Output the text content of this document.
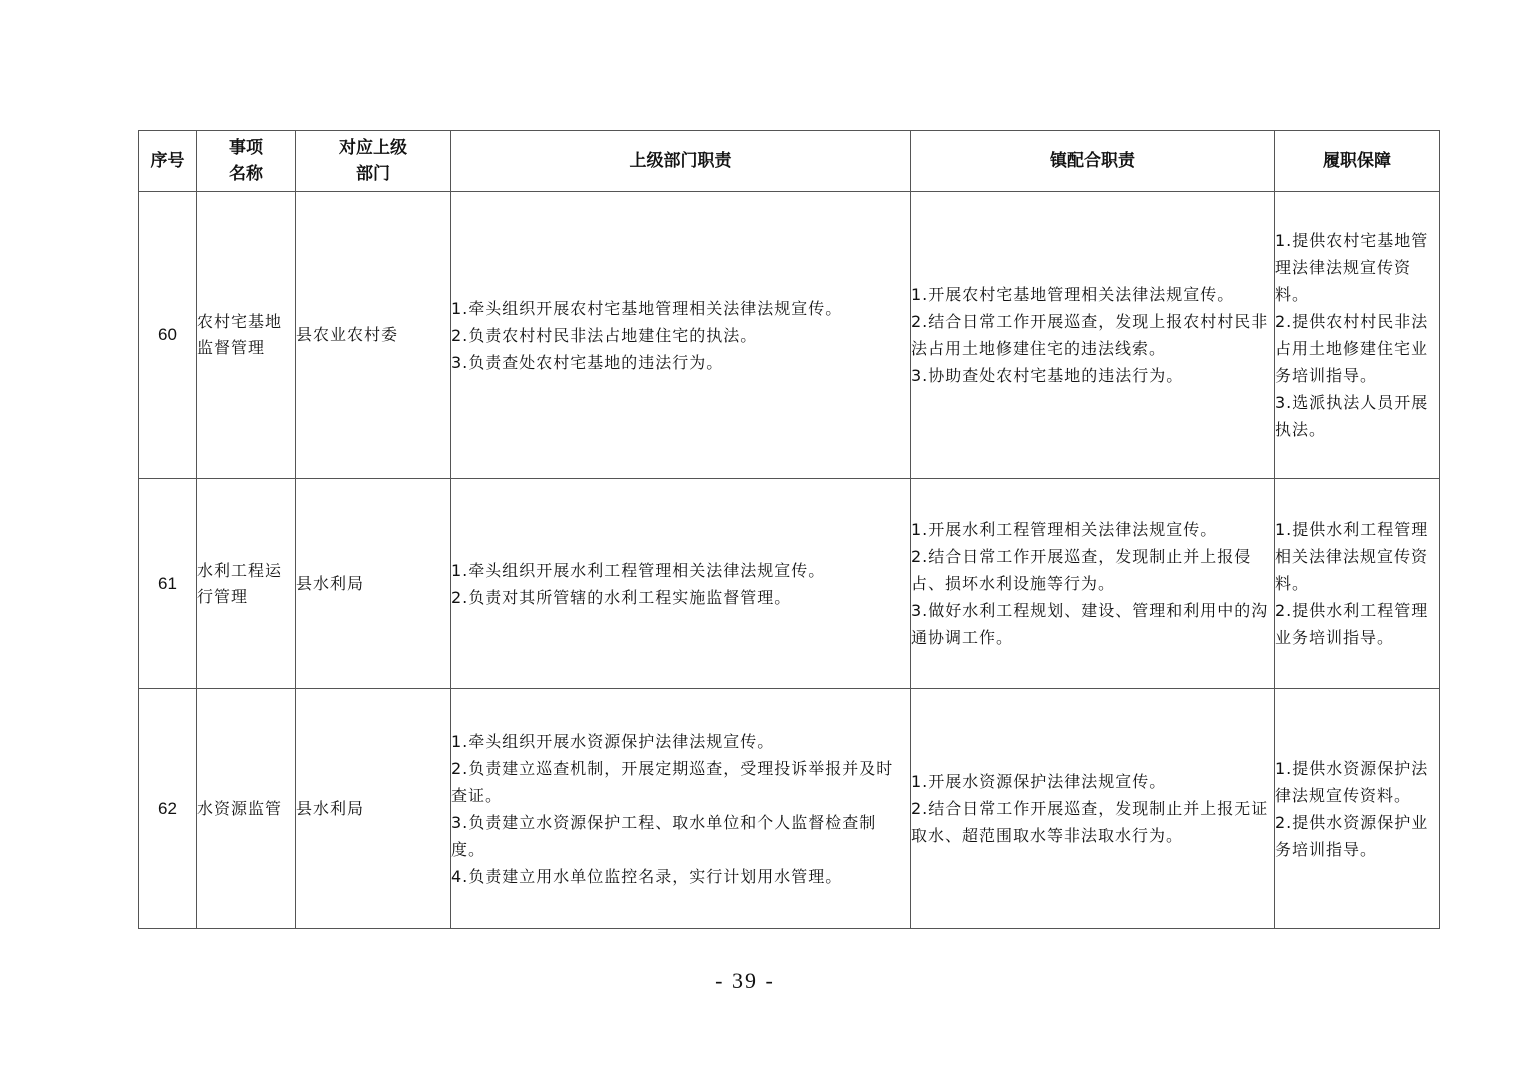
序号	事项
名称	对应上级
部门	上级部门职责	镇配合职责	履职保障
60	农村宅基地监督管理	县农业农村委	1.牵头组织开展农村宅基地管理相关法律法规宣传。
2.负责农村村民非法占地建住宅的执法。
3.负责查处农村宅基地的违法行为。	1.开展农村宅基地管理相关法律法规宣传。
2.结合日常工作开展巡查，发现上报农村村民非法占用土地修建住宅的违法线索。
3.协助查处农村宅基地的违法行为。	1.提供农村宅基地管理法律法规宣传资料。
2.提供农村村民非法占用土地修建住宅业务培训指导。
3.选派执法人员开展执法。

61	水利工程运行管理	县水利局	1.牵头组织开展水利工程管理相关法律法规宣传。
2.负责对其所管辖的水利工程实施监督管理。	1.开展水利工程管理相关法律法规宣传。
2.结合日常工作开展巡查，发现制止并上报侵占、损坏水利设施等行为。
3.做好水利工程规划、建设、管理和利用中的沟通协调工作。	1.提供水利工程管理相关法律法规宣传资料。
2.提供水利工程管理业务培训指导。

62	水资源监管	县水利局	1.牵头组织开展水资源保护法律法规宣传。
2.负责建立巡查机制，开展定期巡查，受理投诉举报并及时查证。
3.负责建立水资源保护工程、取水单位和个人监督检查制度。
4.负责建立用水单位监控名录，实行计划用水管理。	1.开展水资源保护法律法规宣传。
2.结合日常工作开展巡查，发现制止并上报无证取水、超范围取水等非法取水行为。	1.提供水资源保护法律法规宣传资料。
2.提供水资源保护业务培训指导。
- 39 -
